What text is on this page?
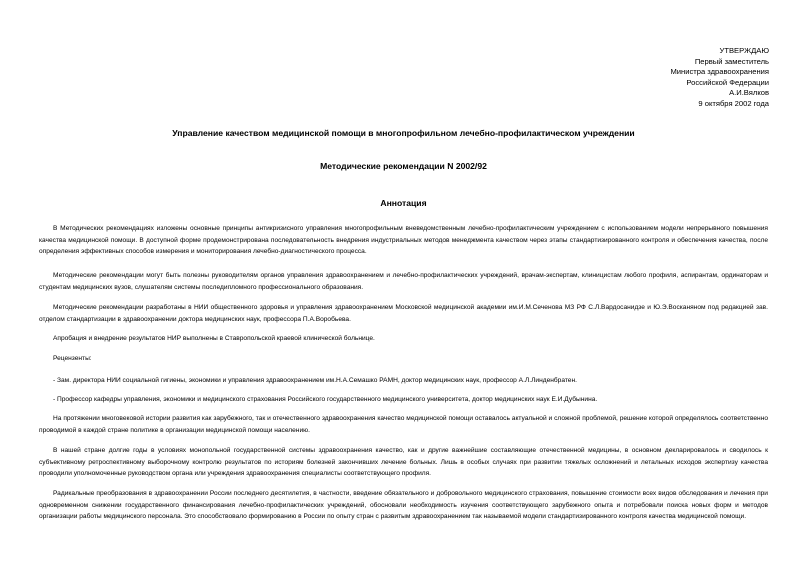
УТВЕРЖДАЮ
Первый заместитель
Министра здравоохранения
Российской Федерации
А.И.Вялков
9 октября 2002 года
Управление качеством медицинской помощи в многопрофильном лечебно-профилактическом учреждении
Методические рекомендации N 2002/92
Аннотация
В Методических рекомендациях изложены основные принципы антикризисного управления многопрофильным вневедомственным лечебно-профилактическим учреждением с использованием модели непрерывного повышения качества медицинской помощи. В доступной форме продемонстрирована последовательность внедрения индустриальных методов менеджмента качеством через этапы стандартизированного контроля и обеспечения качества, после определения эффективных способов измерения и мониторирования лечебно-диагностического процесса.
Методические рекомендации могут быть полезны руководителям органов управления здравоохранением и лечебно-профилактических учреждений, врачам-экспертам, клиницистам любого профиля, аспирантам, ординаторам и студентам медицинских вузов, слушателям системы последипломного профессионального образования.
Методические рекомендации разработаны в НИИ общественного здоровья и управления здравоохранением Московской медицинской академии им.И.М.Сеченова МЗ РФ С.Л.Вардосанидзе и Ю.Э.Восканяном под редакцией зав. отделом стандартизации в здравоохранении доктора медицинских наук, профессора П.А.Воробьева.
Апробация и внедрение результатов НИР выполнены в Ставропольской краевой клинической больнице.
Рецензенты:
- Зам. директора НИИ социальной гигиены, экономики и управления здравоохранением им.Н.А.Семашко РАМН, доктор медицинских наук, профессор А.Л.Линденбратен.
- Профессор кафедры управления, экономики и медицинского страхования Российского государственного медицинского университета, доктор медицинских наук Е.И.Дубынина.
На протяжении многовековой истории развития как зарубежного, так и отечественного здравоохранения качество медицинской помощи оставалось актуальной и сложной проблемой, решение которой определялось соответственно проводимой в каждой стране политике в организации медицинской помощи населению.
В нашей стране долгие годы в условиях монопольной государственной системы здравоохранения качество, как и другие важнейшие составляющие отечественной медицины, в основном декларировалось и сводилось к субъективному ретроспективному выборочному контролю результатов по историям болезней закончивших лечение больных. Лишь в особых случаях при развитии тяжелых осложнений и летальных исходов экспертизу качества проводили уполномоченные руководством органа или учреждения здравоохранения специалисты соответствующего профиля.
Радикальные преобразования в здравоохранении России последнего десятилетия, в частности, введение обязательного и добровольного медицинского страхования, повышение стоимости всех видов обследования и лечения при одновременном снижении государственного финансирования лечебно-профилактических учреждений, обосновали необходимость изучения соответствующего зарубежного опыта и потребовали поиска новых форм и методов организации работы медицинского персонала. Это способствовало формированию в России по опыту стран с развитым здравоохранением так называемой модели стандартизированного контроля качества медицинской помощи.
